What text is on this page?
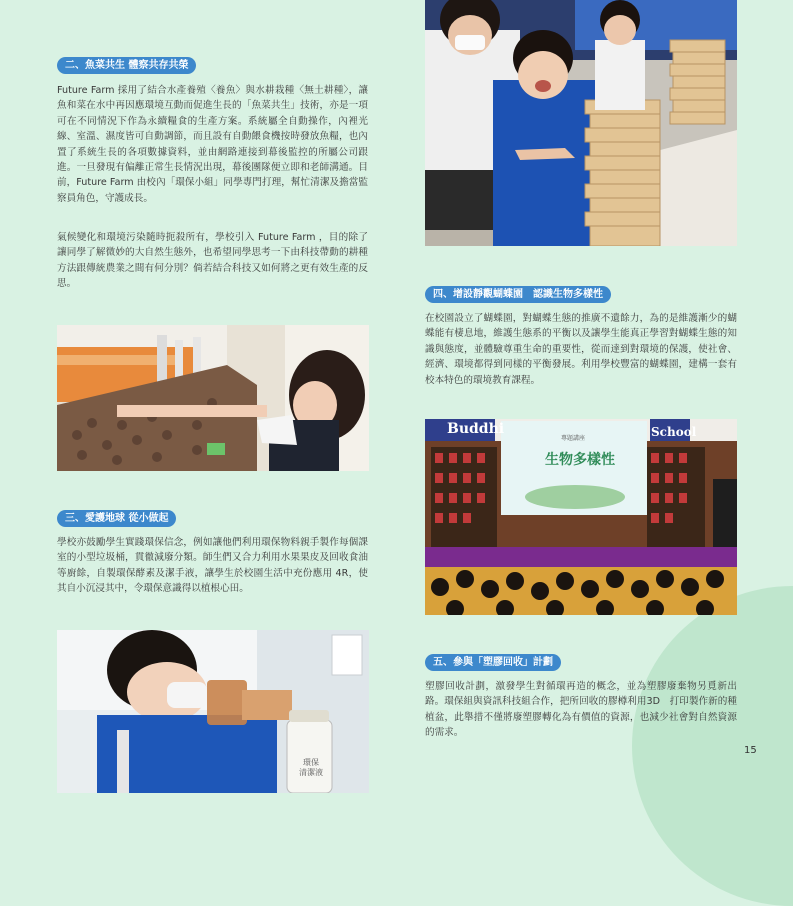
二、魚菜共生 體察共存共榮

Future Farm 採用了結合水產養殖〈養魚〉與水耕栽種〈無土耕種〉，讓魚和菜在水中再因應環境互動而促進生長的「魚菜共生」技術，亦是一項可在不同情況下作為永續糧食的生產方案。系統屬全自動操作，內裡光線、室溫、濕度皆可自動調節，而且設有自動餵食機按時發放魚糧，也內置了系統生長的各項數據資料，並由網路連接到幕後監控的所屬公司跟進。一旦發現有偏離正常生長情況出現，幕後團隊便立即和老師溝通。目前，Future Farm 由校內「環保小組」同學專門打理，幫忙清潔及擔當監察員角色，守護成長。

氣候變化和環境污染隨時扼殺所有，學校引入 Future Farm ，目的除了讓同學了解微妙的大自然生態外，也希望同學思考一下由科技帶動的耕種方法跟傳統農業之間有何分別？倘若結合科技又如何將之更有效生產的反思。

三、愛護地球 從小做起

學校亦鼓勵學生實踐環保信念，例如讓他們利用環保物料親手製作每個課室的小型垃圾桶，貫徹減廢分類。師生們又合力利用水果果皮及回收食油等廚餘，自製環保酵素及潔手液，讓學生於校園生活中充份應用 4R，使其自小沉浸其中，令環保意識得以植根心田。

環保
清潔液
四、增設靜觀蝴蝶園　認識生物多樣性

在校園設立了蝴蝶園，對蝴蝶生態的推廣不遺餘力，為的是維護漸少的蝴蝶能有棲息地，維護生態系的平衡以及讓學生能真正學習對蝴蝶生態的知識與態度，並體驗尊重生命的重要性，從而達到對環境的保護，使社會、經濟、環境都得到同樣的平衡發展。利用學校豐富的蝴蝶園，建構一套有校本特色的環境教育課程。

Buddhi	School
專題講座
生物多樣性
五、參與「塑膠回收」計劃

塑膠回收計劃，激發學生對循環再造的概念，並為塑膠廢棄物另覓新出路。環保組與資訊科技組合作，把所回收的膠樽利用3D　打印製作新的種植盆，此舉措不僅將廢塑膠轉化為有價值的資源，也減少社會對自然資源的需求。

15
